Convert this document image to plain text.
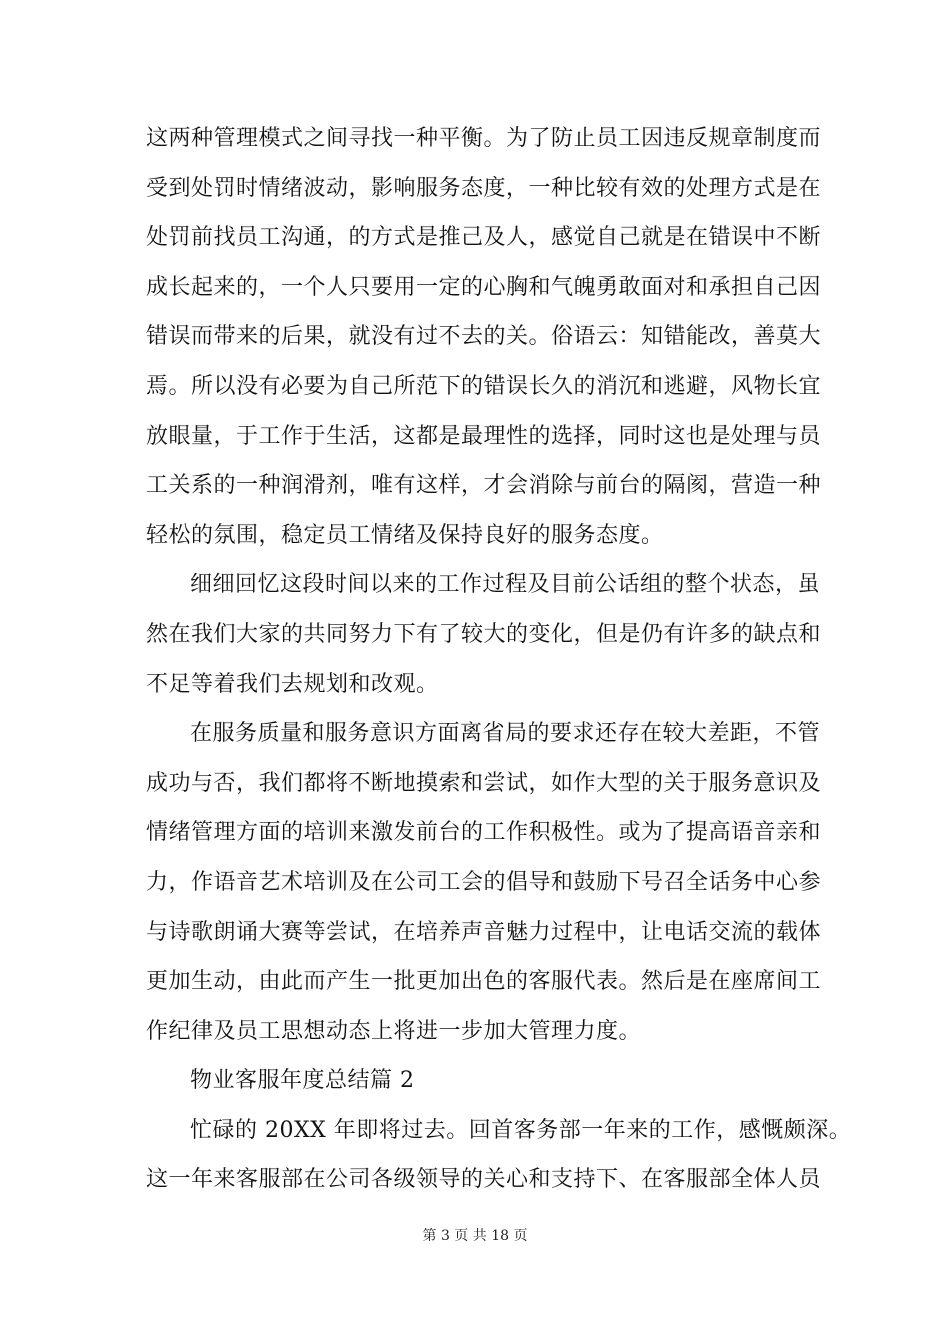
这两种管理模式之间寻找一种平衡。为了防止员工因违反规章制度而
受到处罚时情绪波动，影响服务态度，一种比较有效的处理方式是在
处罚前找员工沟通，的方式是推己及人，感觉自己就是在错误中不断
成长起来的，一个人只要用一定的心胸和气魄勇敢面对和承担自己因
错误而带来的后果，就没有过不去的关。俗语云：知错能改，善莫大
焉。所以没有必要为自己所范下的错误长久的消沉和逃避，风物长宜
放眼量，于工作于生活，这都是最理性的选择，同时这也是处理与员
工关系的一种润滑剂，唯有这样，才会消除与前台的隔阂，营造一种
轻松的氛围，稳定员工情绪及保持良好的服务态度。
细细回忆这段时间以来的工作过程及目前公话组的整个状态，虽
然在我们大家的共同努力下有了较大的变化，但是仍有许多的缺点和
不足等着我们去规划和改观。
在服务质量和服务意识方面离省局的要求还存在较大差距，不管
成功与否，我们都将不断地摸索和尝试，如作大型的关于服务意识及
情绪管理方面的培训来激发前台的工作积极性。或为了提高语音亲和
力，作语音艺术培训及在公司工会的倡导和鼓励下号召全话务中心参
与诗歌朗诵大赛等尝试，在培养声音魅力过程中，让电话交流的载体
更加生动，由此而产生一批更加出色的客服代表。然后是在座席间工
作纪律及员工思想动态上将进一步加大管理力度。
物业客服年度总结篇 2
忙碌的 20XX 年即将过去。回首客务部一年来的工作，感慨颇深。
这一年来客服部在公司各级领导的关心和支持下、在客服部全体人员
第 3 页 共 18 页
